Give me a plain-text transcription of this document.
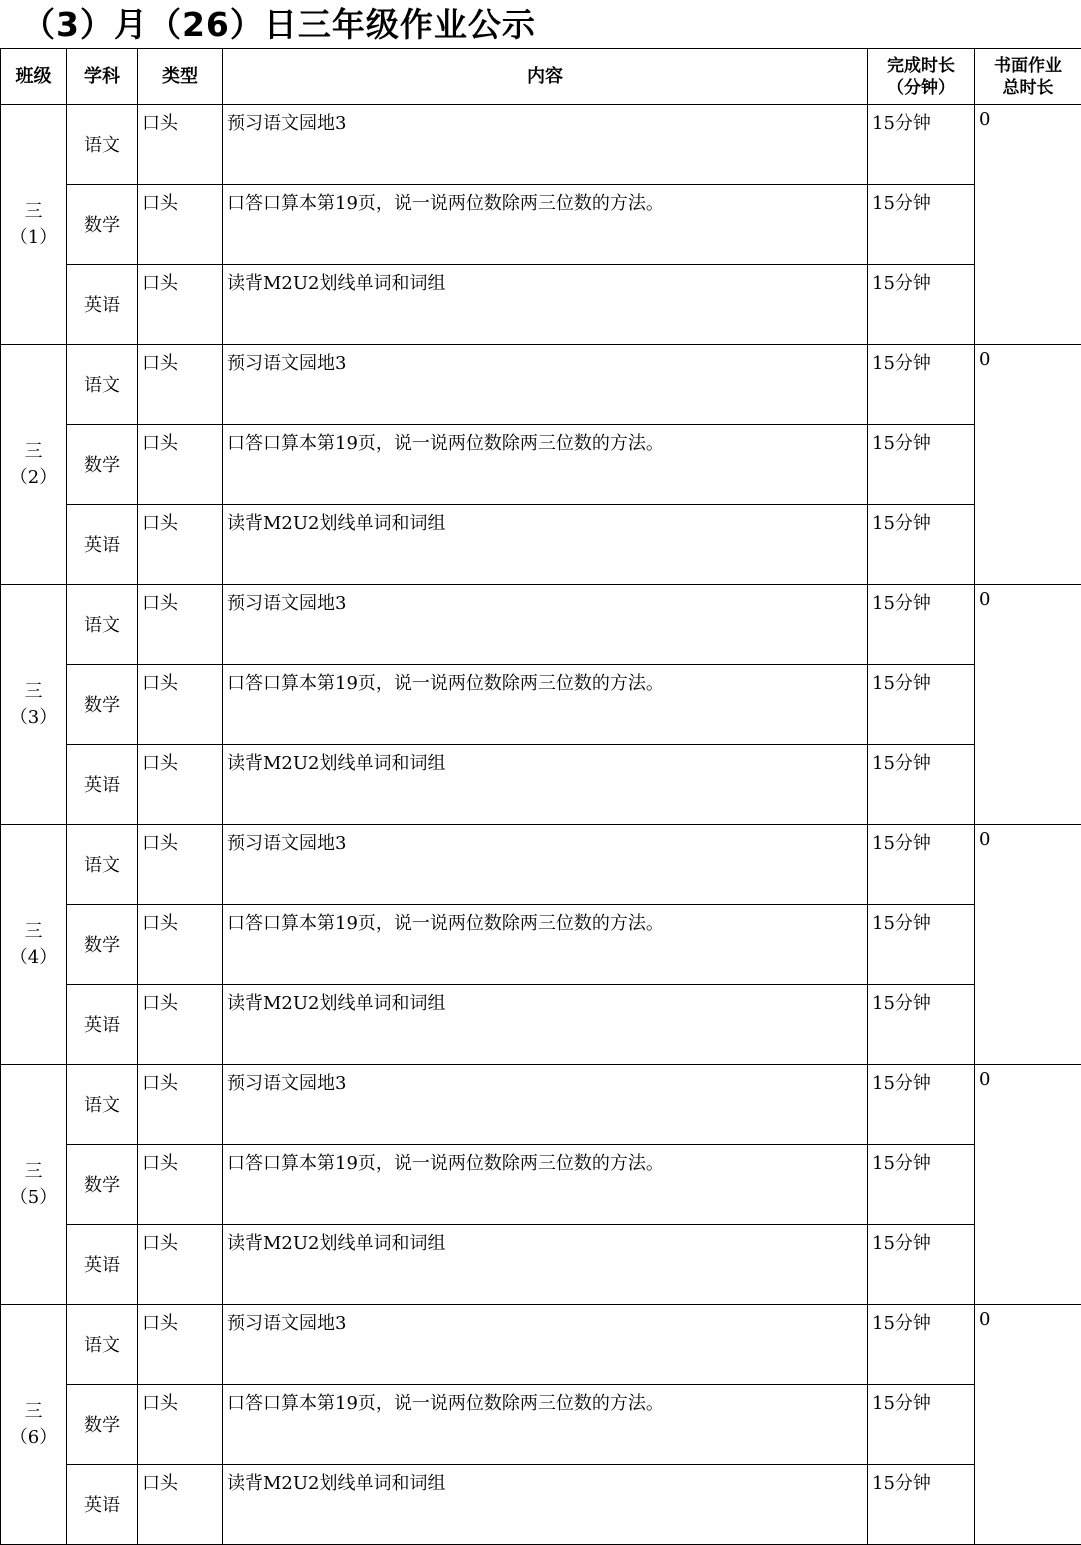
（3）月（26）日三年级作业公示
班级	学科	类型	内容	完成时长
（分钟）	书面作业
总时长

三
（1）	语文	口头	预习语文园地3	15分钟	0

	数学	口头	口答口算本第19页，说一说两位数除两三位数的方法。	15分钟	

	英语	口头	读背M2U2划线单词和词组	15分钟	

三
（2）	语文	口头	预习语文园地3	15分钟	0

	数学	口头	口答口算本第19页，说一说两位数除两三位数的方法。	15分钟	

	英语	口头	读背M2U2划线单词和词组	15分钟	

三
（3）	语文	口头	预习语文园地3	15分钟	0

	数学	口头	口答口算本第19页，说一说两位数除两三位数的方法。	15分钟	

	英语	口头	读背M2U2划线单词和词组	15分钟	

三
（4）	语文	口头	预习语文园地3	15分钟	0

	数学	口头	口答口算本第19页，说一说两位数除两三位数的方法。	15分钟	

	英语	口头	读背M2U2划线单词和词组	15分钟	

三
（5）	语文	口头	预习语文园地3	15分钟	0

	数学	口头	口答口算本第19页，说一说两位数除两三位数的方法。	15分钟	

	英语	口头	读背M2U2划线单词和词组	15分钟	

三
（6）	语文	口头	预习语文园地3	15分钟	0

	数学	口头	口答口算本第19页，说一说两位数除两三位数的方法。	15分钟	

	英语	口头	读背M2U2划线单词和词组	15分钟	
